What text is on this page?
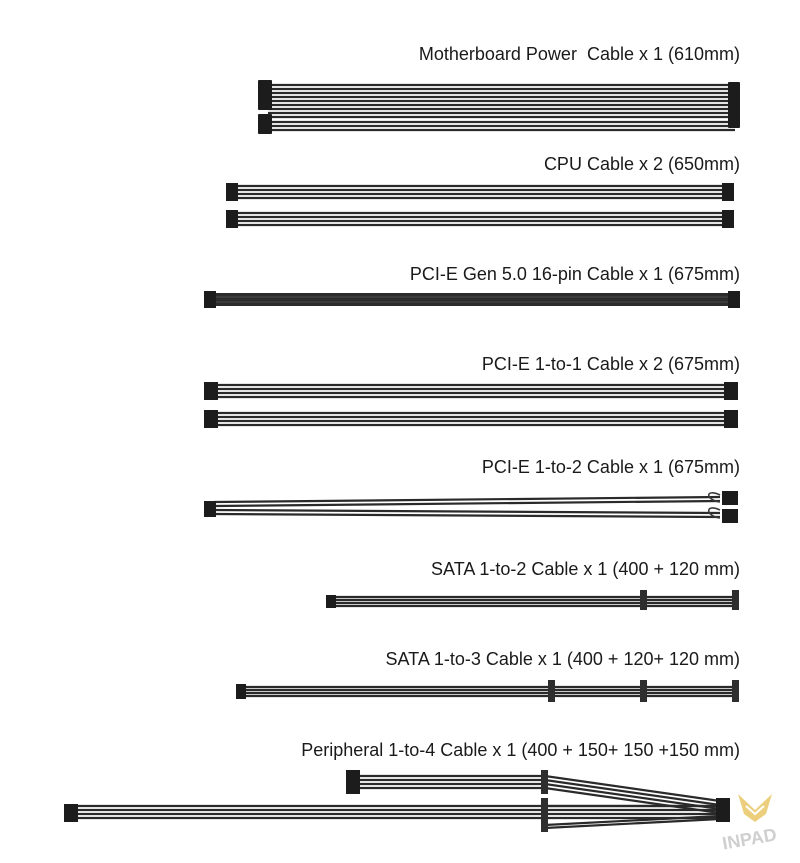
Motherboard Power  Cable x 1 (610mm)
CPU Cable x 2 (650mm)
PCI-E Gen 5.0 16-pin Cable x 1 (675mm)
PCI-E 1-to-1 Cable x 2 (675mm)
PCI-E 1-to-2 Cable x 1 (675mm)
SATA 1-to-2 Cable x 1 (400 + 120 mm)
SATA 1-to-3 Cable x 1 (400 + 120+ 120 mm)
Peripheral 1-to-4 Cable x 1 (400 + 150+ 150 +150 mm)
INPAD
